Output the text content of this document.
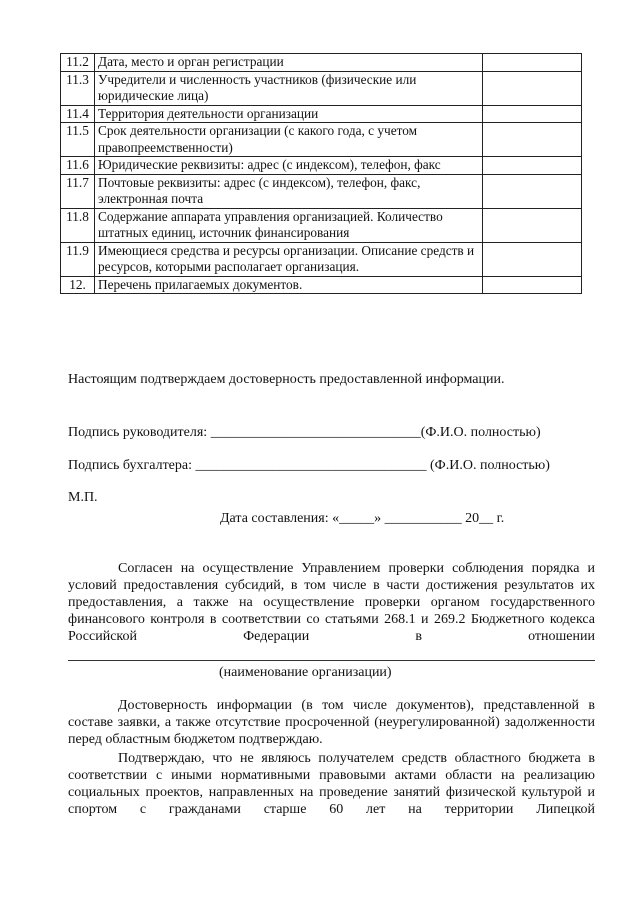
11.2	Дата, место и орган регистрации	
11.3	Учредители и численность участников (физические или юридические лица)	
11.4	Территория деятельности организации	
11.5	Срок деятельности организации (с какого года, с учетом правопреемственности)	
11.6	Юридические реквизиты: адрес (с индексом), телефон, факс	
11.7	Почтовые реквизиты: адрес (с индексом), телефон, факс, электронная почта	
11.8	Содержание аппарата управления организацией. Количество штатных единиц, источник финансирования	
11.9	Имеющиеся средства и ресурсы организации. Описание средств и ресурсов, которыми располагает организация.	
12.	Перечень прилагаемых документов.	
Настоящим подтверждаем достоверность предоставленной информации.
Подпись руководителя: ______________________________(Ф.И.О. полностью)
Подпись бухгалтера: _________________________________ (Ф.И.О. полностью)
М.П.
Дата составления: «_____» ___________ 20__ г.

Согласен на осуществление Управлением проверки соблюдения порядка и условий предоставления субсидий, в том числе в части достижения результатов их предоставления, а также на осуществление проверки органом государственного финансового контроля в соответствии со статьями 268.1 и 269.2 Бюджетного кодекса Российской Федерации в отношении

(наименование организации)

Достоверность информации (в том числе документов), представленной в составе заявки, а также отсутствие просроченной (неурегулированной) задолженности перед областным бюджетом подтверждаю.

Подтверждаю, что не являюсь получателем средств областного бюджета в соответствии с иными нормативными правовыми актами области на реализацию социальных проектов, направленных на проведение занятий физической культурой и спортом с гражданами старше 60 лет на территории Липецкой
